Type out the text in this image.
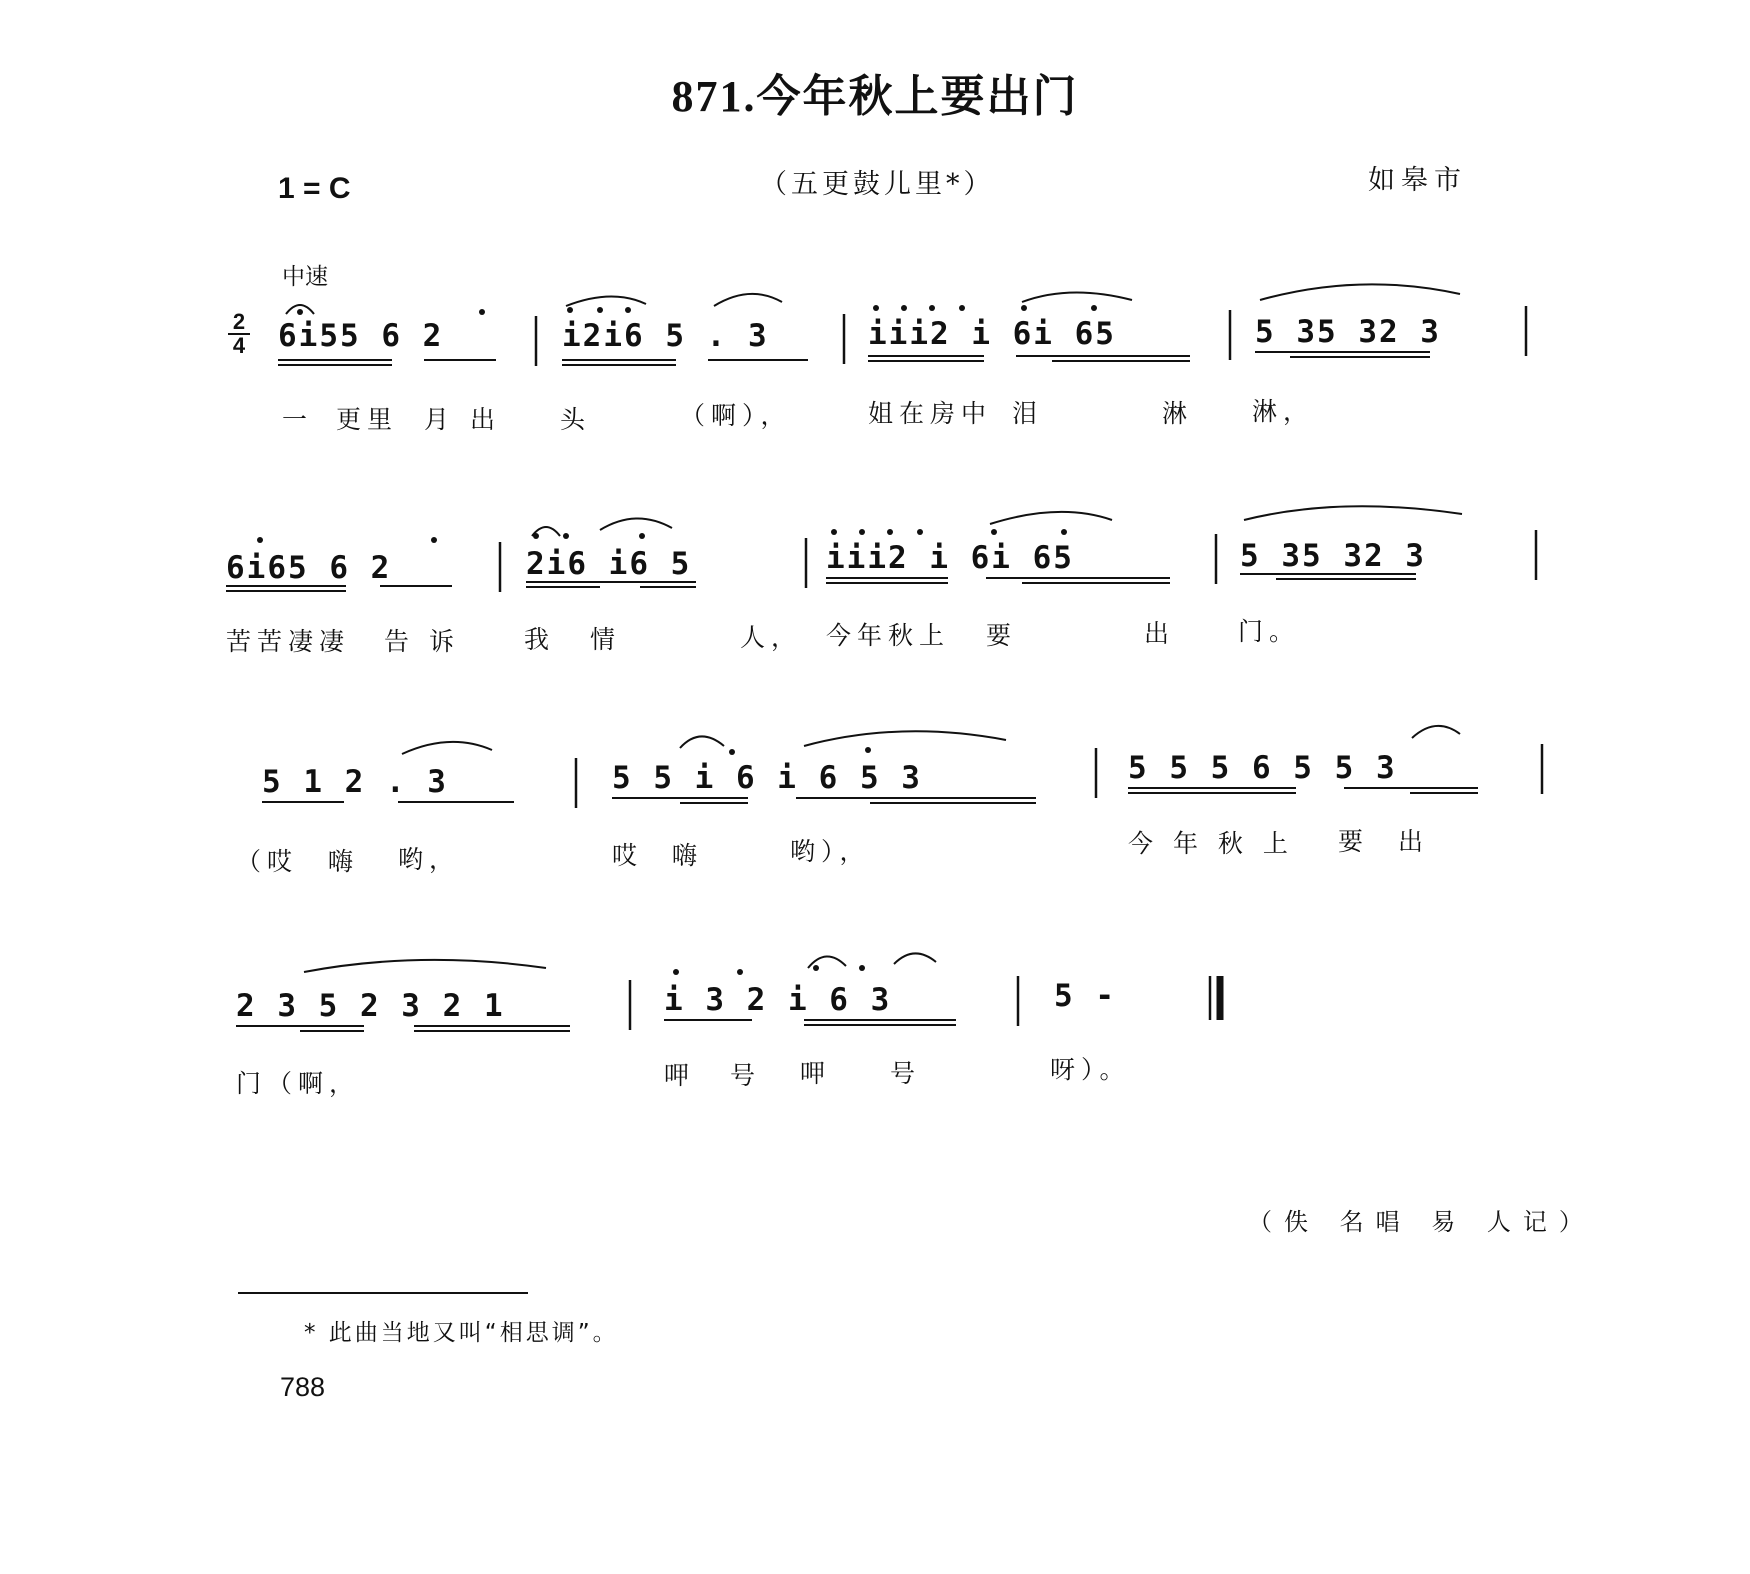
871.今年秋上要出门
1 = C	（五更鼓儿里*）	如皋市
中速
2
4 6i55 6 2	i2i6 5 . 3	iii2 i 6i 65	5 35 32 3
一 更里 月 出 头	（啊），	姐在房中 泪	淋 淋，
6i65 6 2	2i6 i6 5	iii2 i 6i 65	5 35 32 3
苦苦凄凄 告 诉	我 情	人， 今年秋上 要	出	门。
5 1 2 . 3	5 5 i 6 i 6 5 3	5 5 5 6 5 5 3
（哎 嗨 哟，	哎 嗨	哟），	今 年 秋 上 要 出
2 3 5 2 3 2 1	i 3 2 i 6 3	5 -
门（啊，	呷 号 呷 号	呀）。
（佚 名唱 易 人记）
* 此曲当地又叫“相思调”。
788
